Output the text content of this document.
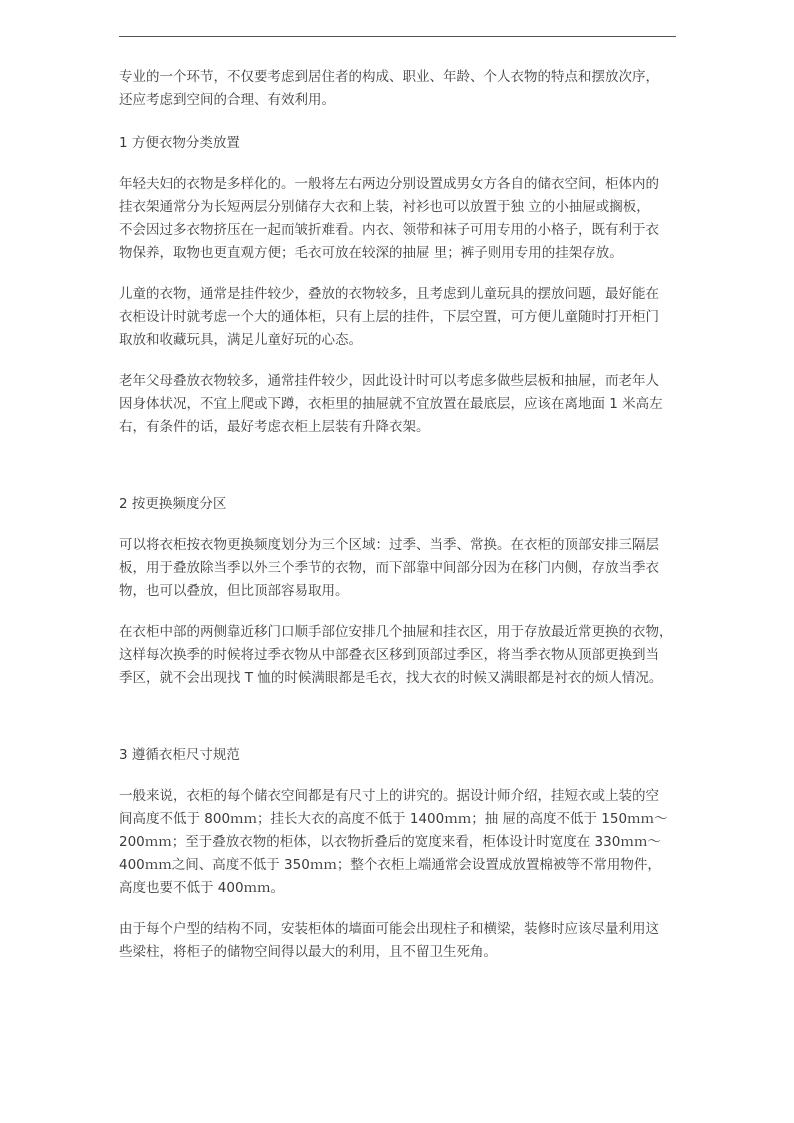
专业的一个环节，不仅要考虑到居住者的构成、职业、年龄、个人衣物的特点和摆放次序，
还应考虑到空间的合理、有效利用。

1 方便衣物分类放置

年轻夫妇的衣物是多样化的。一般将左右两边分别设置成男女方各自的储衣空间，柜体内的
挂衣架通常分为长短两层分别储存大衣和上装，衬衫也可以放置于独 立的小抽屉或搁板，
不会因过多衣物挤压在一起而皱折难看。内衣、领带和袜子可用专用的小格子，既有利于衣
物保养，取物也更直观方便；毛衣可放在较深的抽屉 里；裤子则用专用的挂架存放。

儿童的衣物，通常是挂件较少，叠放的衣物较多，且考虑到儿童玩具的摆放问题，最好能在
衣柜设计时就考虑一个大的通体柜，只有上层的挂件，下层空置，可方便儿童随时打开柜门
取放和收藏玩具，满足儿童好玩的心态。

老年父母叠放衣物较多，通常挂件较少，因此设计时可以考虑多做些层板和抽屉，而老年人
因身体状况，不宜上爬或下蹲，衣柜里的抽屉就不宜放置在最底层，应该在离地面 1 米高左
右，有条件的话，最好考虑衣柜上层装有升降衣架。

2 按更换频度分区

可以将衣柜按衣物更换频度划分为三个区域：过季、当季、常换。在衣柜的顶部安排三隔层
板，用于叠放除当季以外三个季节的衣物，而下部靠中间部分因为在移门内侧，存放当季衣
物，也可以叠放，但比顶部容易取用。

在衣柜中部的两侧靠近移门口顺手部位安排几个抽屉和挂衣区，用于存放最近常更换的衣物，
这样每次换季的时候将过季衣物从中部叠衣区移到顶部过季区，将当季衣物从顶部更换到当
季区，就不会出现找 T 恤的时候满眼都是毛衣，找大衣的时候又满眼都是衬衣的烦人情况。

3 遵循衣柜尺寸规范

一般来说，衣柜的每个储衣空间都是有尺寸上的讲究的。据设计师介绍，挂短衣或上装的空
间高度不低于 800ｍｍ；挂长大衣的高度不低于 1400ｍｍ；抽 屉的高度不低于 150ｍｍ～
200ｍｍ；至于叠放衣物的柜体，以衣物折叠后的宽度来看，柜体设计时宽度在 330ｍｍ～
400ｍｍ之间、高度不低于 350ｍｍ；整个衣柜上端通常会设置成放置棉被等不常用物件，
高度也要不低于 400ｍｍ。

由于每个户型的结构不同，安装柜体的墙面可能会出现柱子和横梁，装修时应该尽量利用这
些梁柱，将柜子的储物空间得以最大的利用，且不留卫生死角。
